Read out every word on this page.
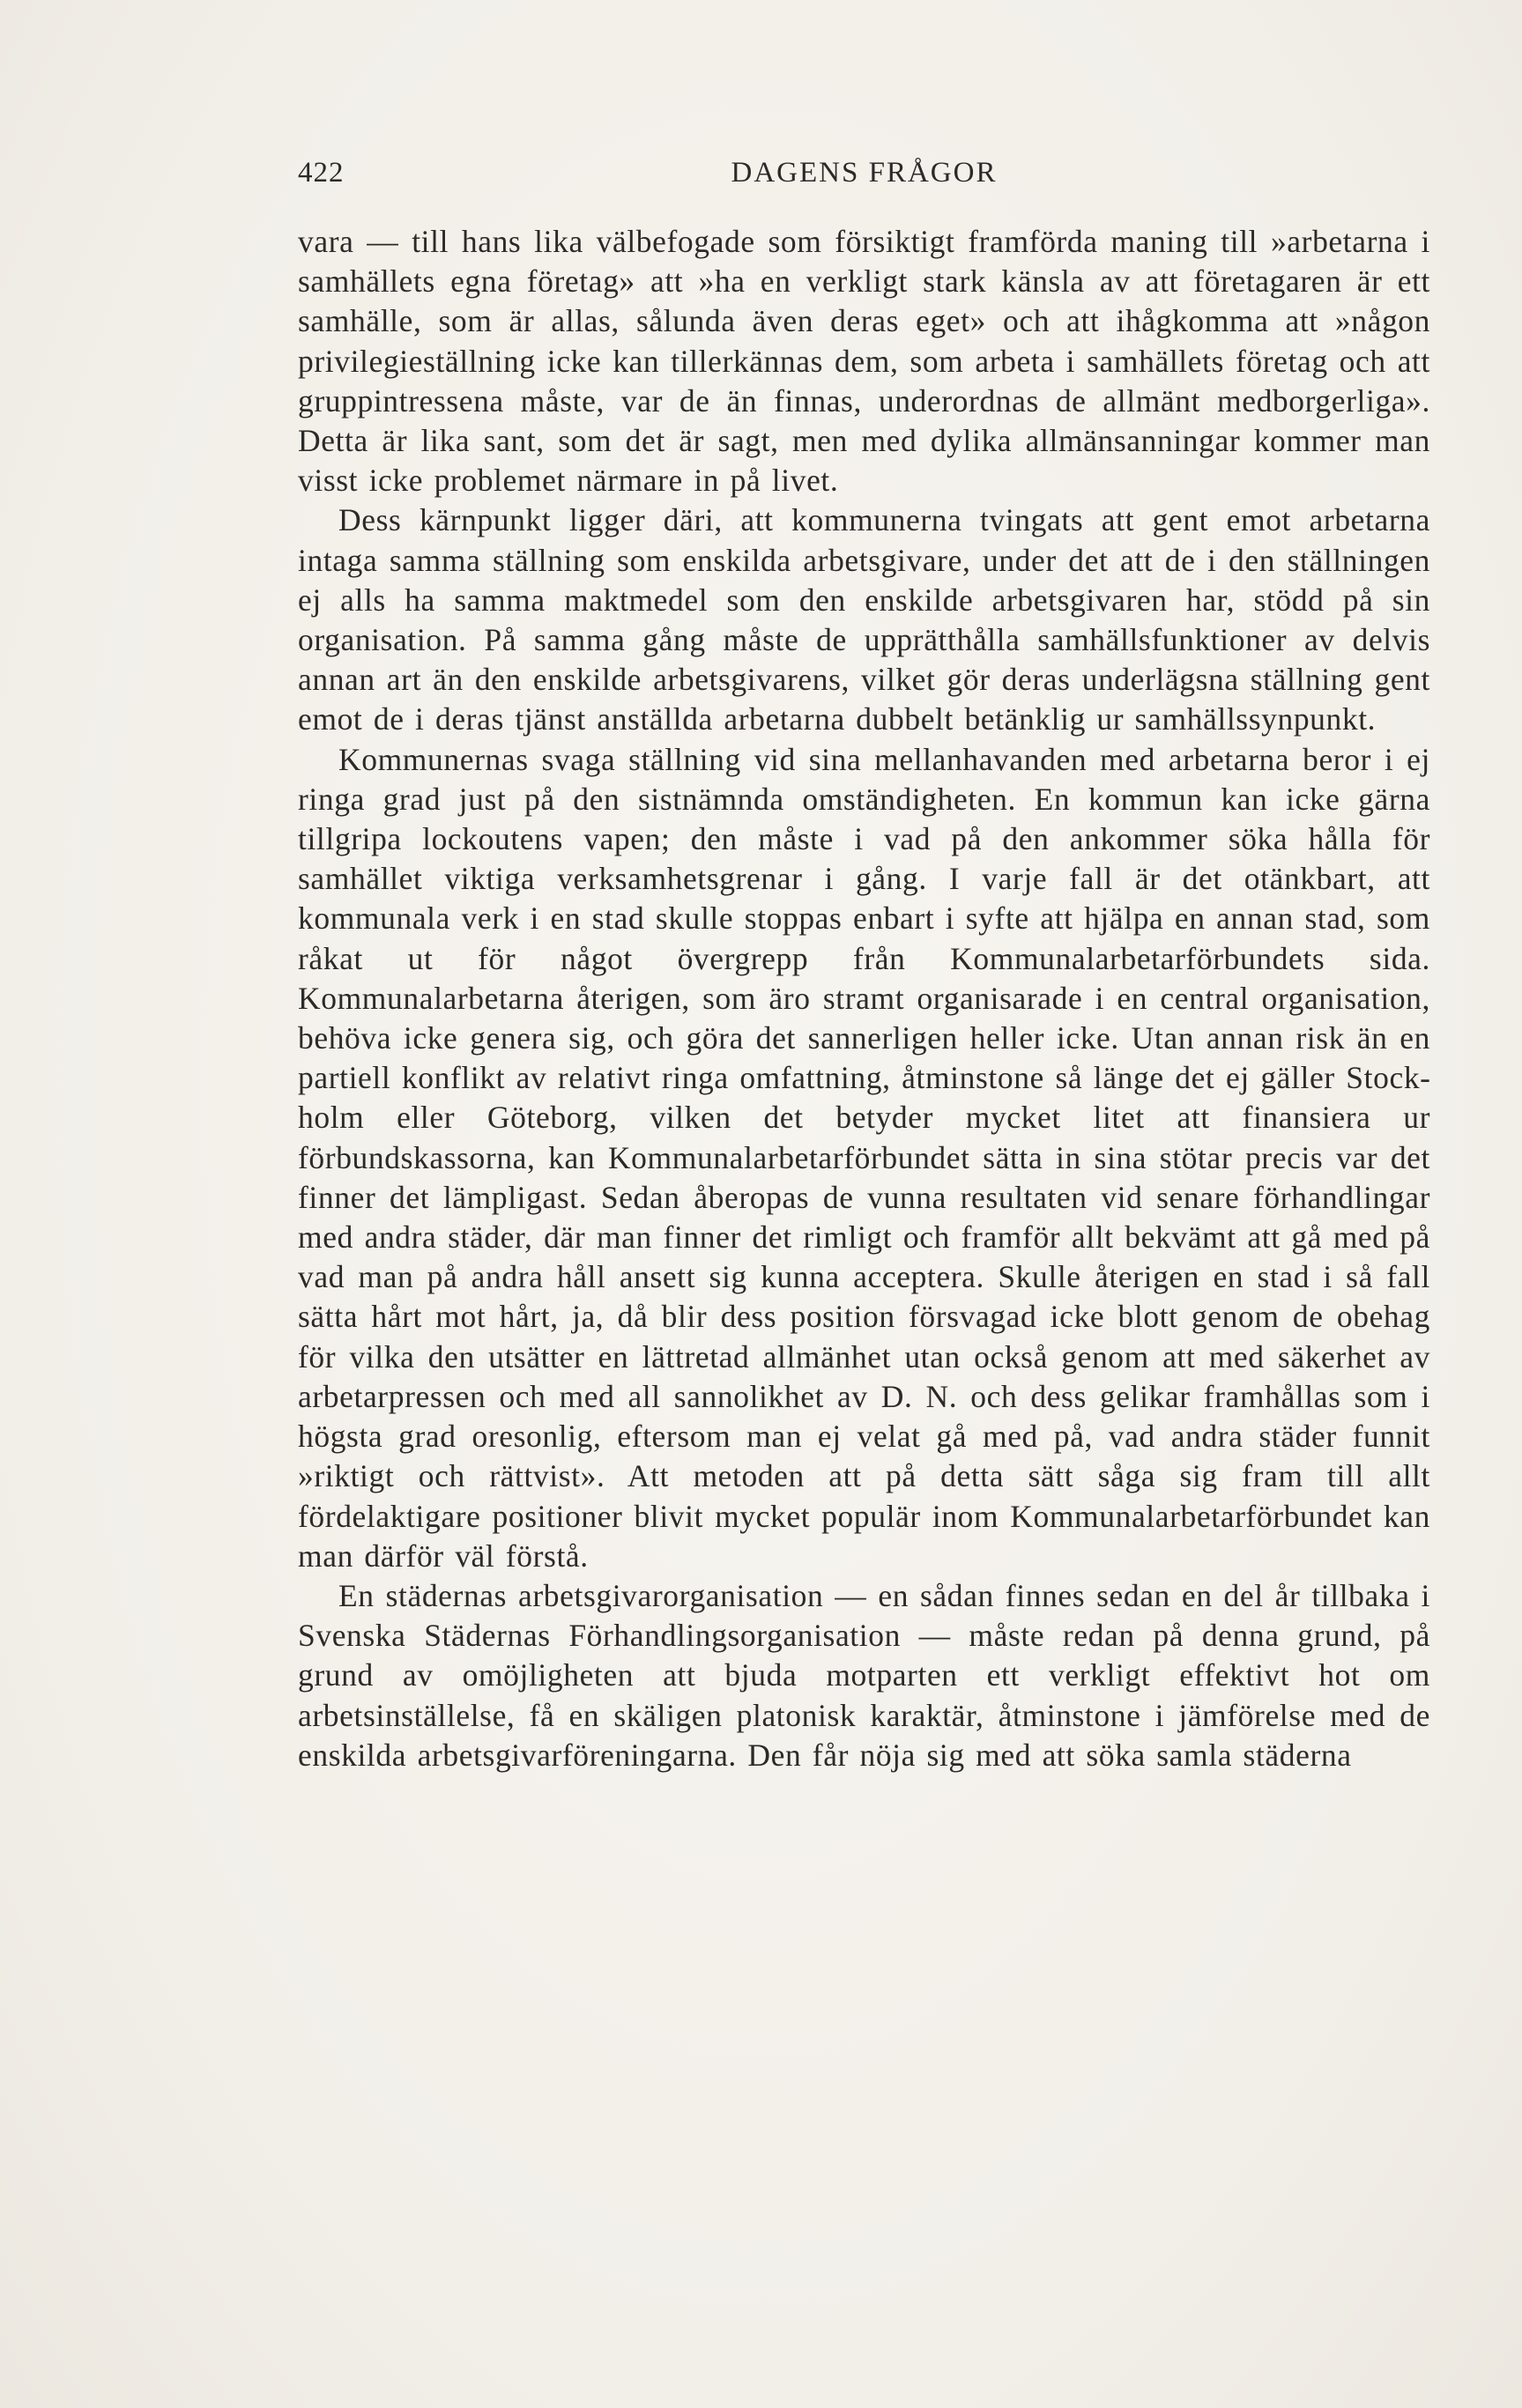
422	DAGENS FRÅGOR

vara — till hans lika välbefogade som försiktigt framförda maning till »arbetarna i samhällets egna företag» att »ha en verkligt stark känsla av att företagaren är ett samhälle, som är allas, sålunda även deras eget» och att ihågkomma att »någon privilegieställning icke kan tillerkännas dem, som arbeta i samhällets företag och att gruppintressena måste, var de än finnas, underordnas de allmänt medborgerliga». Detta är lika sant, som det är sagt, men med dylika allmänsanningar kommer man visst icke problemet närmare in på livet.

Dess kärnpunkt ligger däri, att kommunerna tvingats att gent emot arbetarna intaga samma ställning som enskilda arbetsgivare, under det att de i den ställningen ej alls ha samma maktmedel som den enskilde arbetsgivaren har, stödd på sin organisation. På samma gång måste de upprätthålla samhällsfunktioner av delvis annan art än den enskilde arbetsgivarens, vilket gör deras underlägsna ställning gent emot de i deras tjänst anställda arbetarna dubbelt betänklig ur samhällssynpunkt.

Kommunernas svaga ställning vid sina mellanhavanden med arbetarna beror i ej ringa grad just på den sistnämnda omständigheten. En kommun kan icke gärna tillgripa lockoutens vapen; den måste i vad på den ankommer söka hålla för samhället viktiga verksamhetsgrenar i gång. I varje fall är det otänkbart, att kommunala verk i en stad skulle stoppas enbart i syfte att hjälpa en annan stad, som råkat ut för något övergrepp från Kommunalarbetarförbundets sida. Kommunalarbetarna återigen, som äro stramt organisarade i en central organisation, behöva icke genera sig, och göra det sannerligen heller icke. Utan annan risk än en partiell konflikt av relativt ringa omfattning, åtminstone så länge det ej gäller Stockholm eller Göteborg, vilken det betyder mycket litet att finansiera ur förbundskassorna, kan Kommunalarbetarförbundet sätta in sina stötar precis var det finner det lämpligast. Sedan åberopas de vunna resultaten vid senare förhandlingar med andra städer, där man finner det rimligt och framför allt bekvämt att gå med på vad man på andra håll ansett sig kunna acceptera. Skulle återigen en stad i så fall sätta hårt mot hårt, ja, då blir dess position försvagad icke blott genom de obehag för vilka den utsätter en lättretad allmänhet utan också genom att med säkerhet av arbetarpressen och med all sannolikhet av D. N. och dess gelikar framhållas som i högsta grad oresonlig, eftersom man ej velat gå med på, vad andra städer funnit »riktigt och rättvist». Att metoden att på detta sätt såga sig fram till allt fördelaktigare positioner blivit mycket populär inom Kommunalarbetarförbundet kan man därför väl förstå.

En städernas arbetsgivarorganisation — en sådan finnes sedan en del år tillbaka i Svenska Städernas Förhandlingsorganisation — måste redan på denna grund, på grund av omöjligheten att bjuda motparten ett verkligt effektivt hot om arbetsinställelse, få en skäligen platonisk karaktär, åtminstone i jämförelse med de enskilda arbetsgivarföreningarna. Den får nöja sig med att söka samla städerna
